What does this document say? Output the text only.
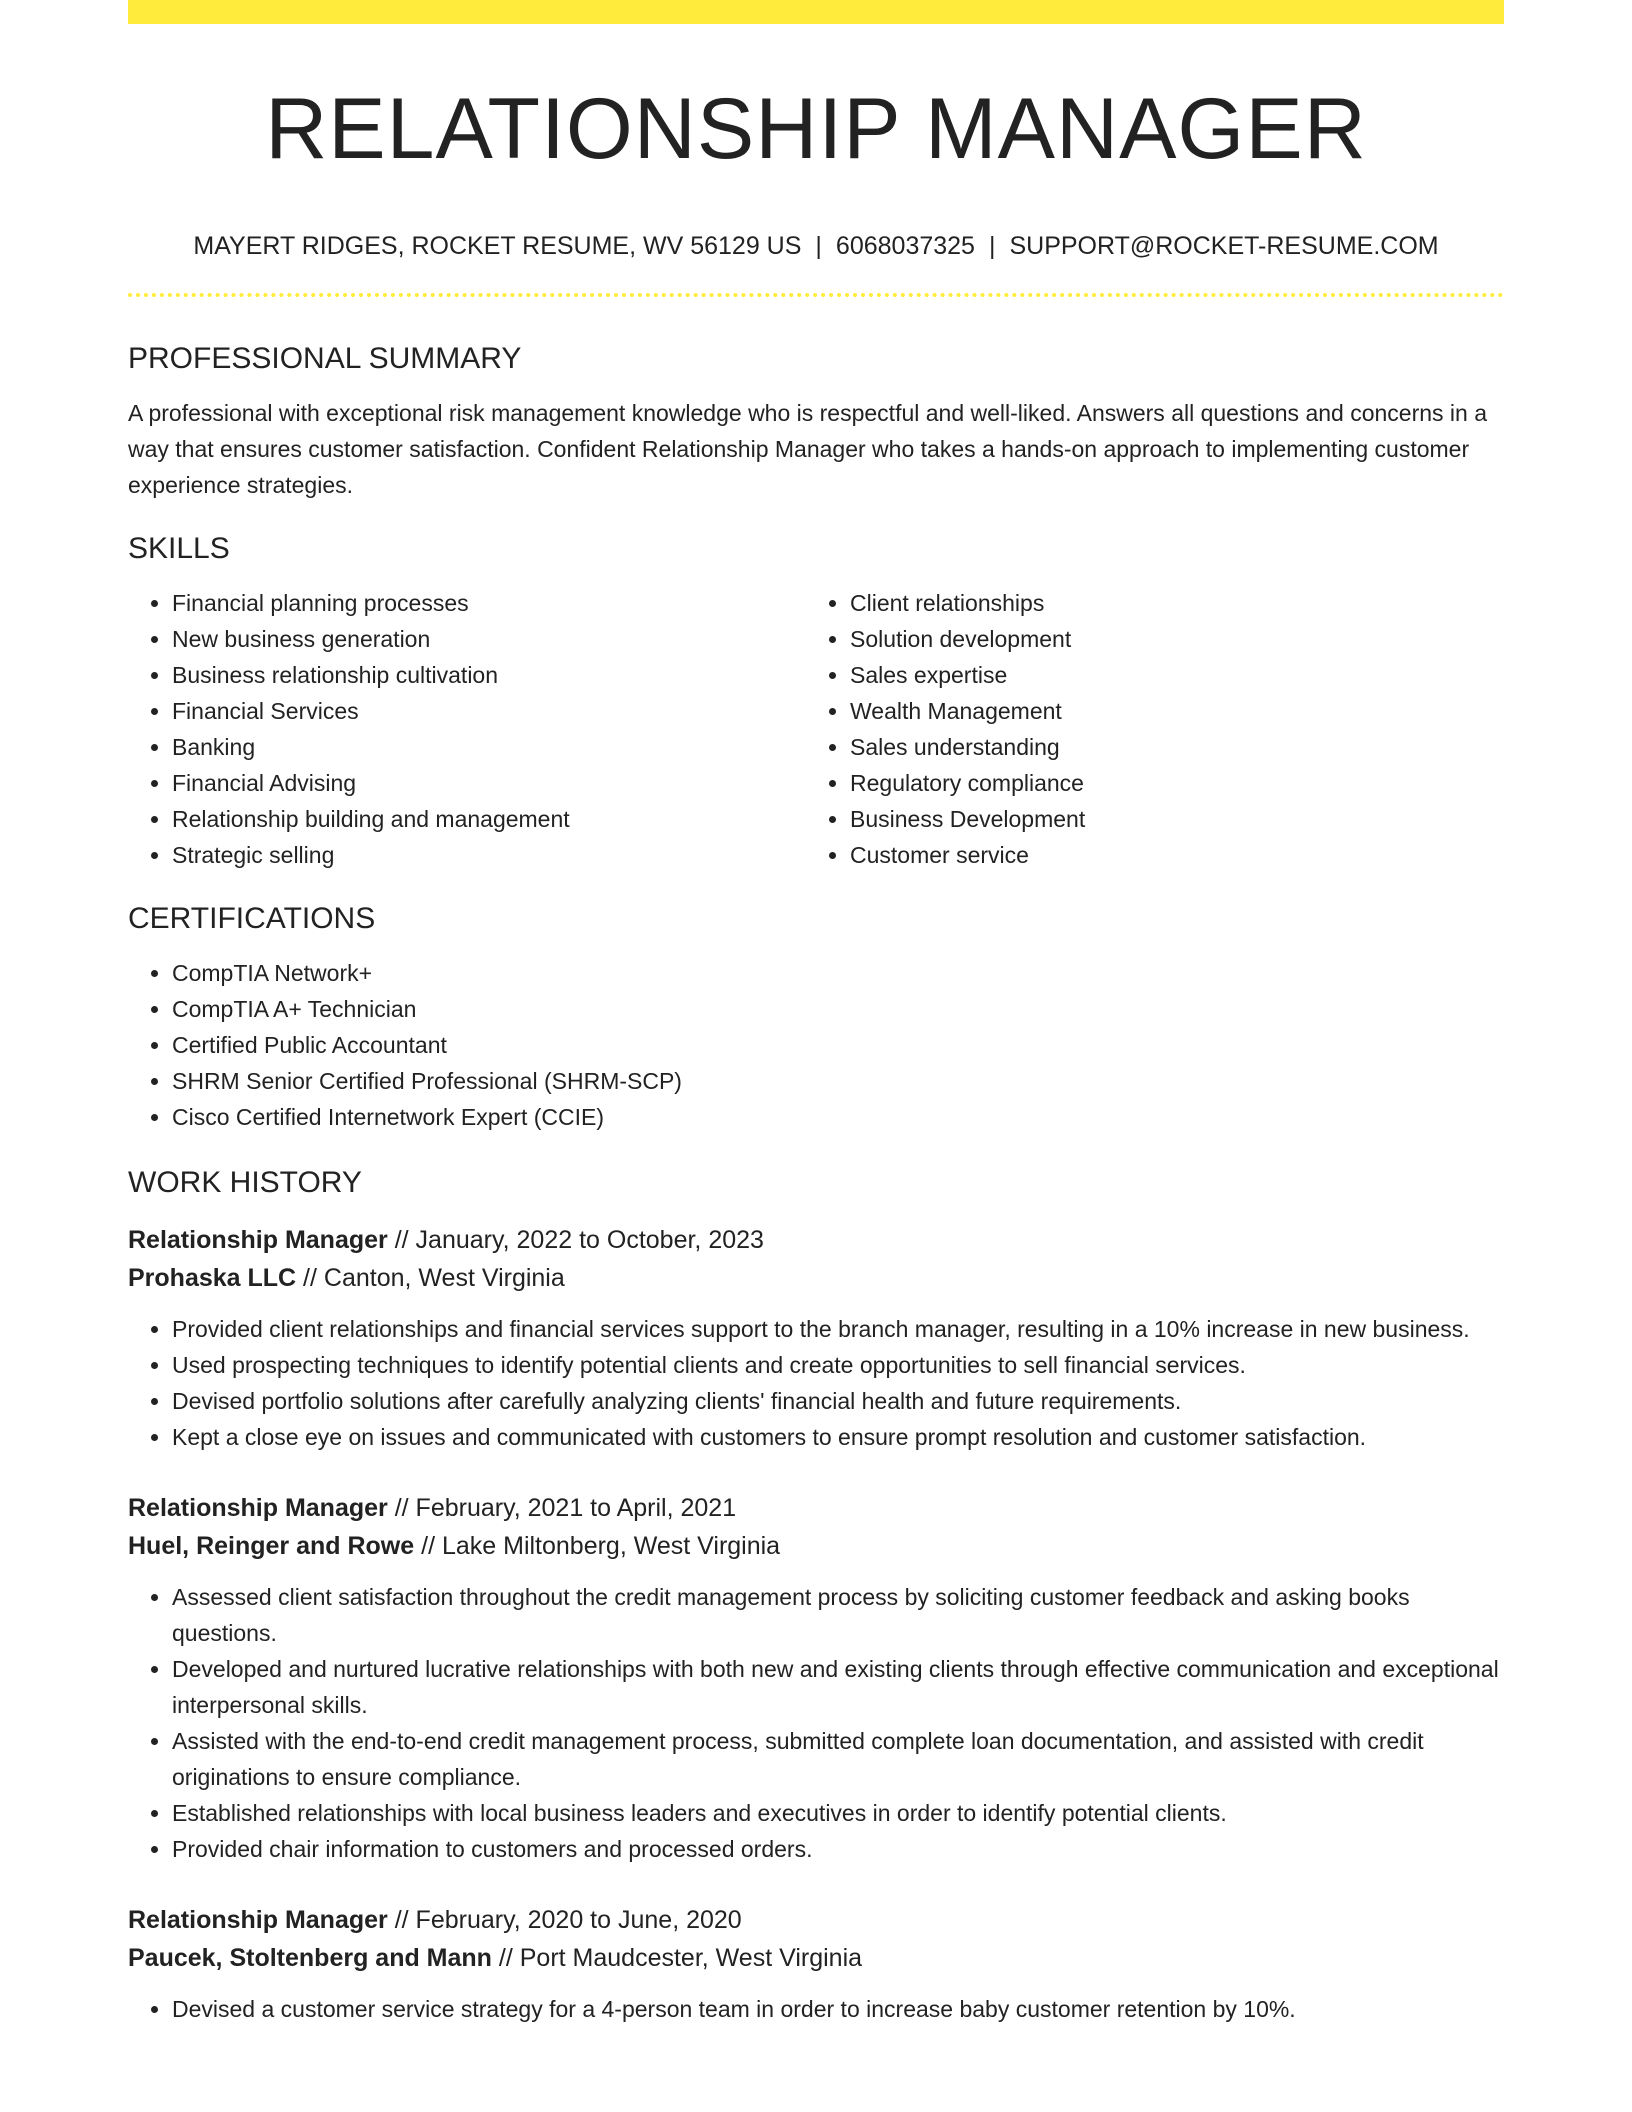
RELATIONSHIP MANAGER
MAYERT RIDGES, ROCKET RESUME, WV 56129 US | 6068037325 | SUPPORT@ROCKET-RESUME.COM
PROFESSIONAL SUMMARY

A professional with exceptional risk management knowledge who is respectful and well-liked. Answers all questions and concerns in a way that ensures customer satisfaction. Confident Relationship Manager who takes a hands-on approach to implementing customer experience strategies.

SKILLS
• Financial planning processes
• New business generation
• Business relationship cultivation
• Financial Services
• Banking
• Financial Advising
• Relationship building and management
• Strategic selling
• Client relationships
• Solution development
• Sales expertise
• Wealth Management
• Sales understanding
• Regulatory compliance
• Business Development
• Customer service
CERTIFICATIONS
• CompTIA Network+
• CompTIA A+ Technician
• Certified Public Accountant
• SHRM Senior Certified Professional (SHRM-SCP)
• Cisco Certified Internetwork Expert (CCIE)
WORK HISTORY
Relationship Manager // January, 2022 to October, 2023
Prohaska LLC // Canton, West Virginia
• Provided client relationships and financial services support to the branch manager, resulting in a 10% increase in new business.
• Used prospecting techniques to identify potential clients and create opportunities to sell financial services.
• Devised portfolio solutions after carefully analyzing clients' financial health and future requirements.
• Kept a close eye on issues and communicated with customers to ensure prompt resolution and customer satisfaction.
Relationship Manager // February, 2021 to April, 2021
Huel, Reinger and Rowe // Lake Miltonberg, West Virginia
• Assessed client satisfaction throughout the credit management process by soliciting customer feedback and asking books questions.
• Developed and nurtured lucrative relationships with both new and existing clients through effective communication and exceptional interpersonal skills.
• Assisted with the end-to-end credit management process, submitted complete loan documentation, and assisted with credit originations to ensure compliance.
• Established relationships with local business leaders and executives in order to identify potential clients.
• Provided chair information to customers and processed orders.
Relationship Manager // February, 2020 to June, 2020
Paucek, Stoltenberg and Mann // Port Maudcester, West Virginia
• Devised a customer service strategy for a 4-person team in order to increase baby customer retention by 10%.
